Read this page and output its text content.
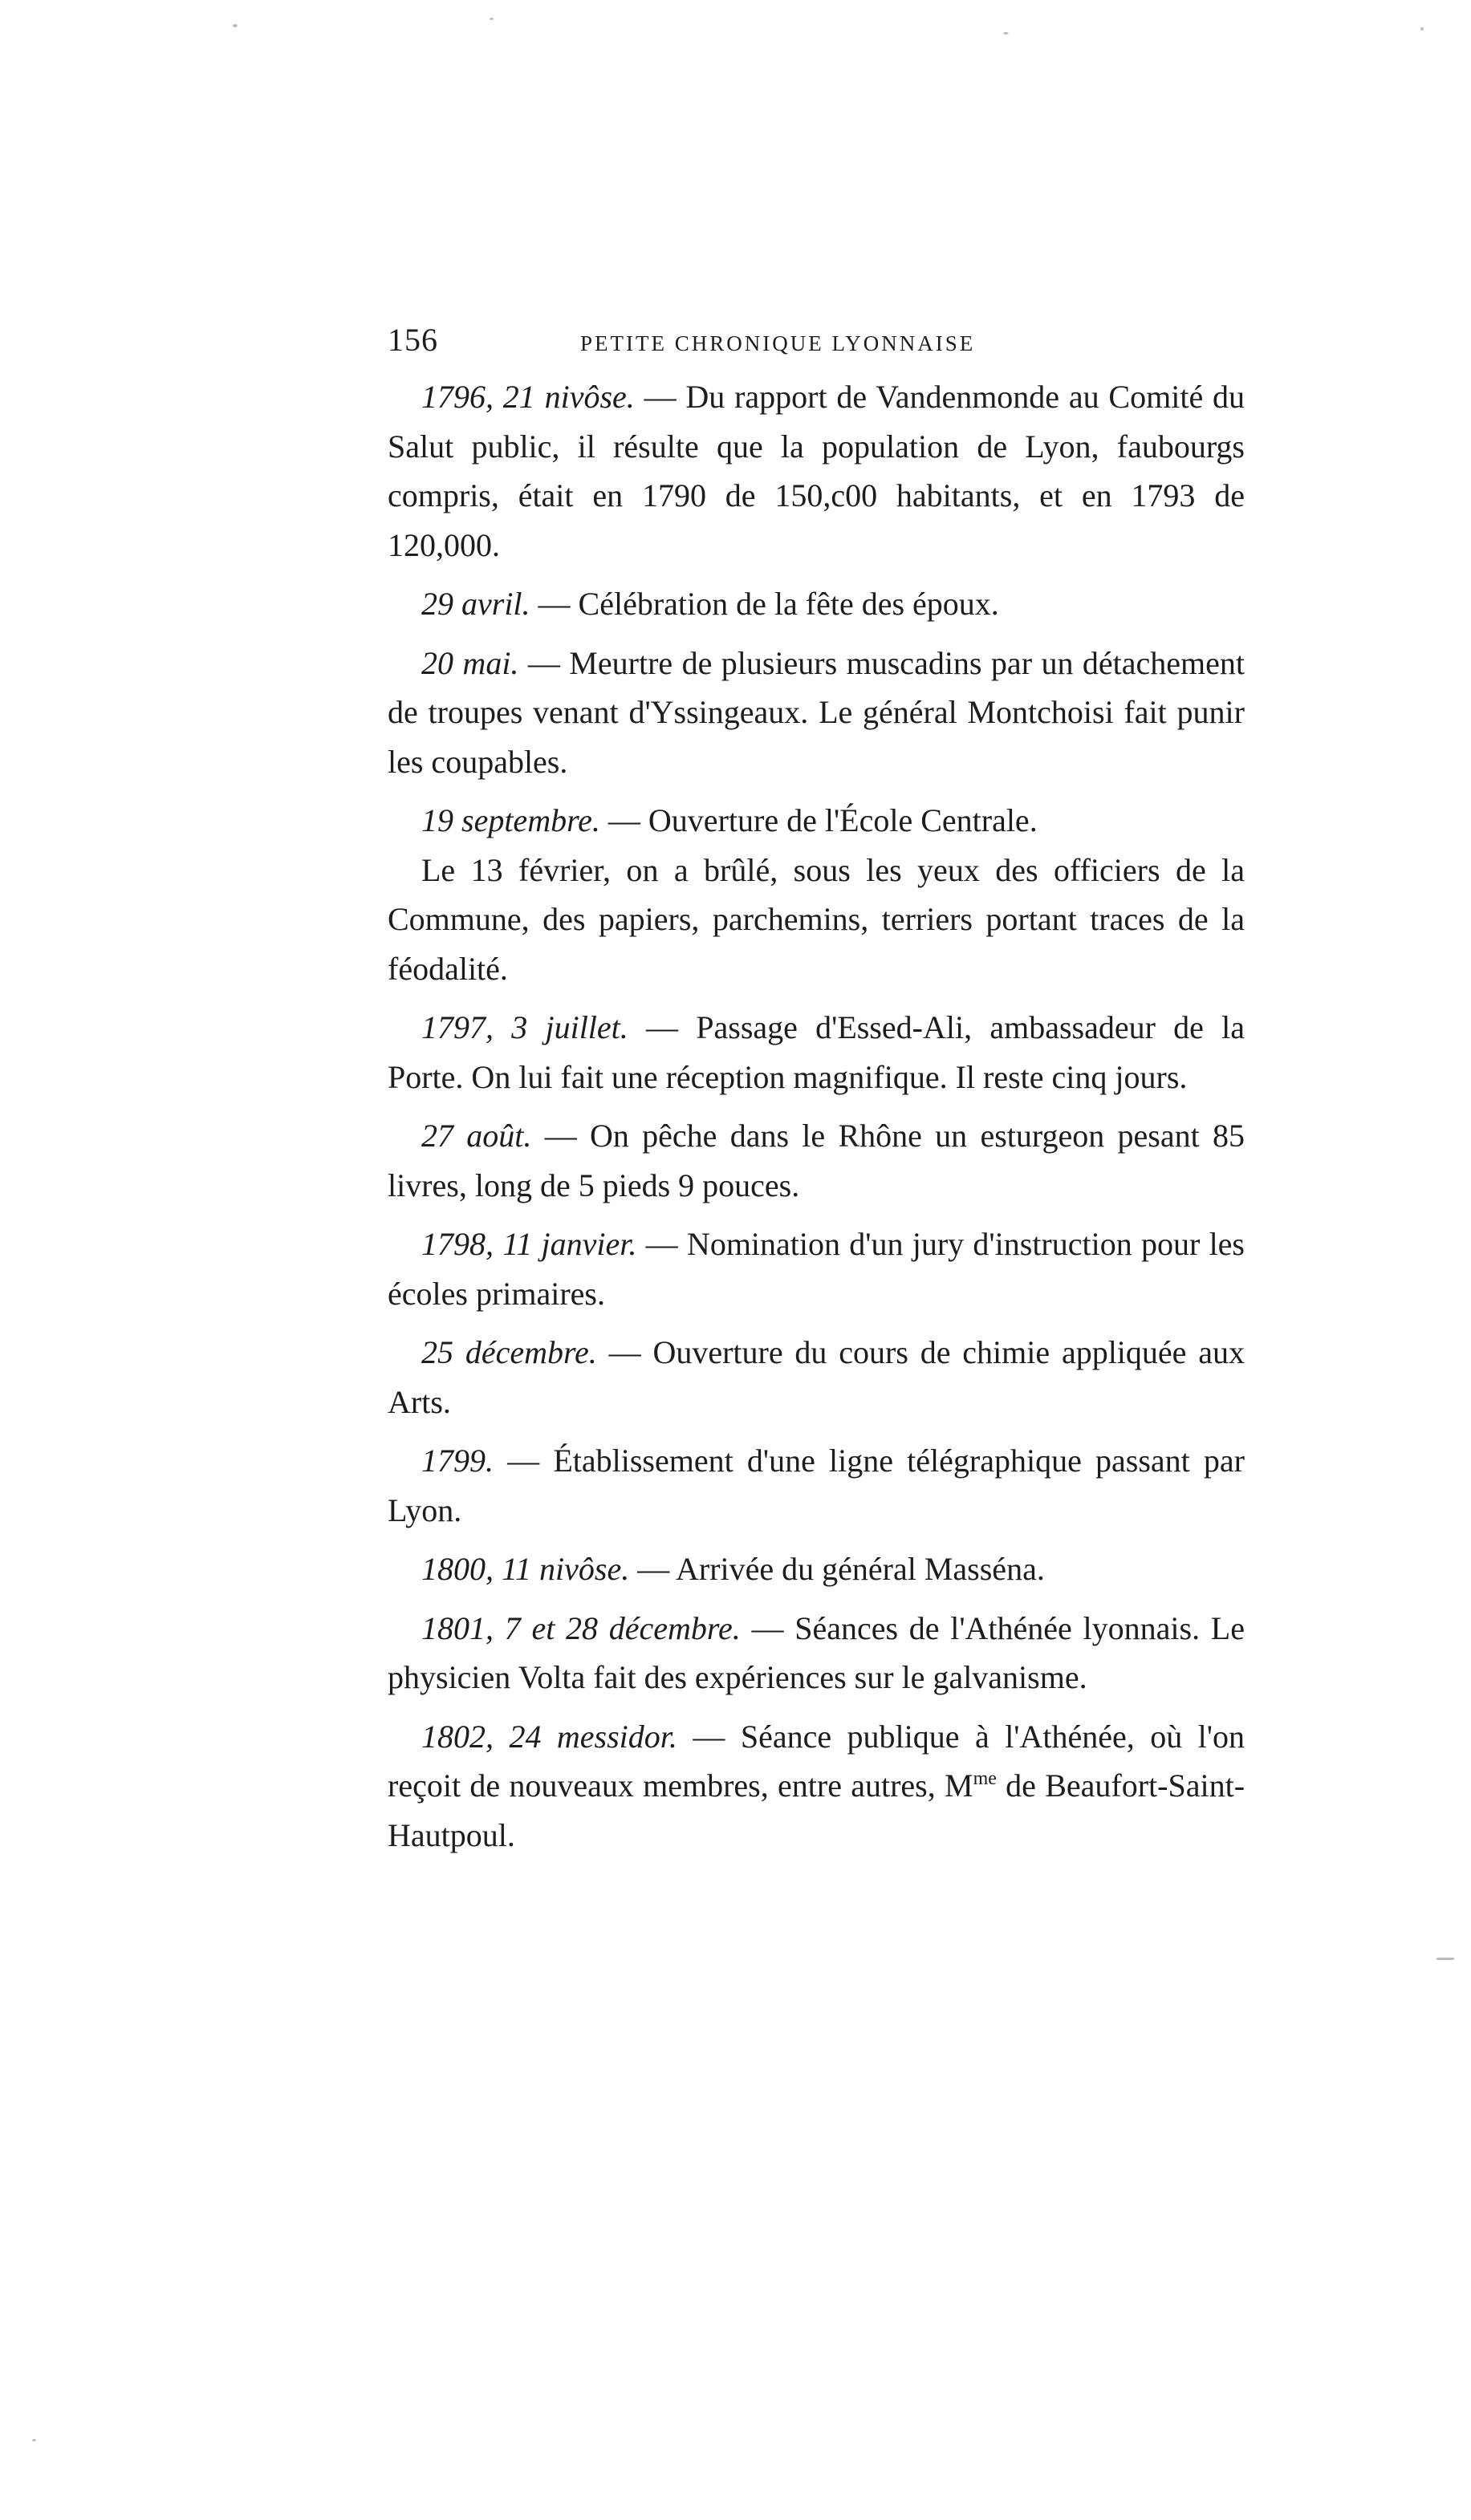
156	PETITE CHRONIQUE LYONNAISE

1796, 21 nivôse. — Du rapport de Vandenmonde au Comité du Salut public, il résulte que la population de Lyon, faubourgs compris, était en 1790 de 150,c00 habitants, et en 1793 de 120,000.

29 avril. — Célébration de la fête des époux.

20 mai. — Meurtre de plusieurs muscadins par un détachement de troupes venant d'Yssingeaux. Le général Montchoisi fait punir les coupables.

19 septembre. — Ouverture de l'École Centrale.

Le 13 février, on a brûlé, sous les yeux des officiers de la Commune, des papiers, parchemins, terriers portant traces de la féodalité.

1797, 3 juillet. — Passage d'Essed-Ali, ambassadeur de la Porte. On lui fait une réception magnifique. Il reste cinq jours.

27 août. — On pêche dans le Rhône un esturgeon pesant 85 livres, long de 5 pieds 9 pouces.

1798, 11 janvier. — Nomination d'un jury d'instruction pour les écoles primaires.

25 décembre. — Ouverture du cours de chimie appliquée aux Arts.

1799. — Établissement d'une ligne télégraphique passant par Lyon.

1800, 11 nivôse. — Arrivée du général Masséna.

1801, 7 et 28 décembre. — Séances de l'Athénée lyonnais. Le physicien Volta fait des expériences sur le galvanisme.

1802, 24 messidor. — Séance publique à l'Athénée, où l'on reçoit de nouveaux membres, entre autres, $M^{me}$ de Beaufort-Saint-Hautpoul.
